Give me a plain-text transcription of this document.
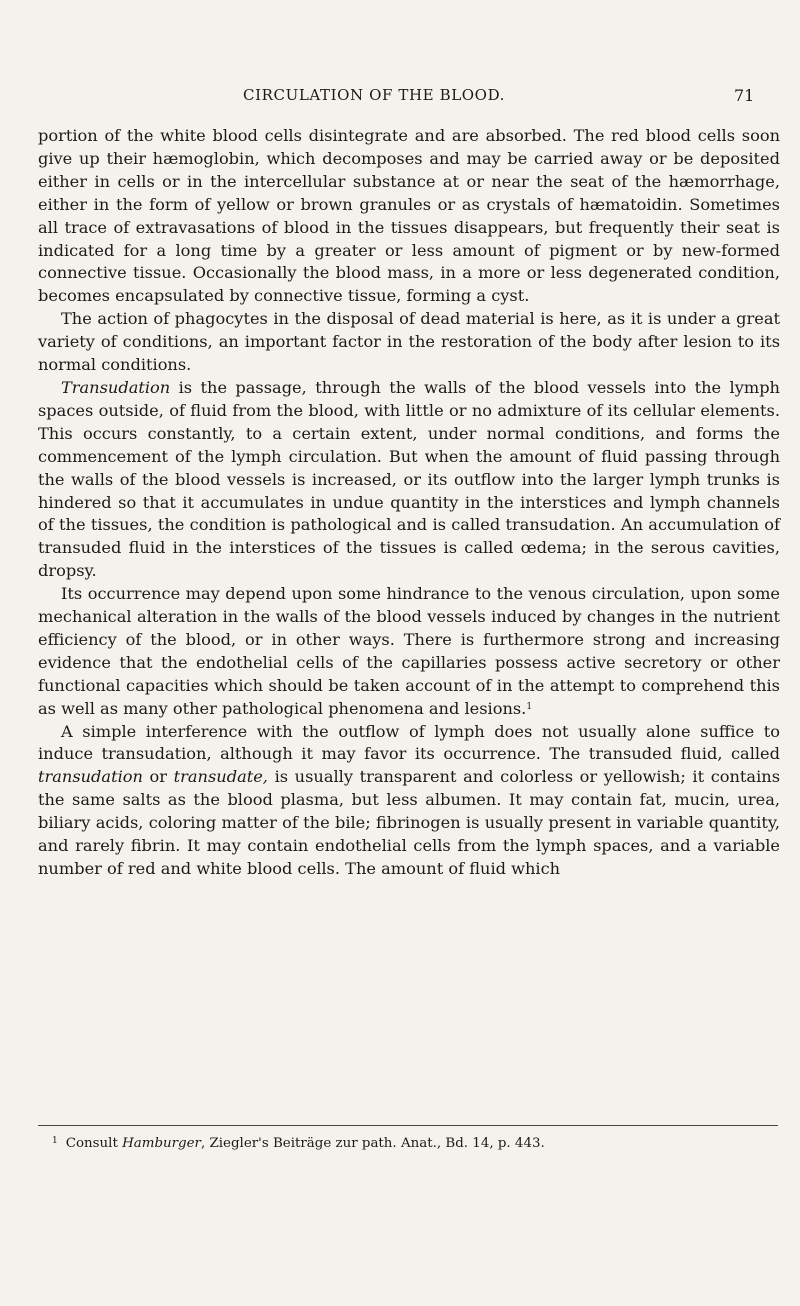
CIRCULATION OF THE BLOOD.	71

portion of the white blood cells disintegrate and are absorbed. The red blood cells soon give up their hæmoglobin, which decomposes and may be carried away or be deposited either in cells or in the intercellular substance at or near the seat of the hæmorrhage, either in the form of yellow or brown granules or as crystals of hæmatoidin. Sometimes all trace of extravasations of blood in the tissues disappears, but frequently their seat is indicated for a long time by a greater or less amount of pigment or by new-formed connective tissue. Occasionally the blood mass, in a more or less degenerated condition, becomes encapsulated by connective tissue, forming a cyst.

The action of phagocytes in the disposal of dead material is here, as it is under a great variety of conditions, an important factor in the restoration of the body after lesion to its normal conditions.

Transudation is the passage, through the walls of the blood vessels into the lymph spaces outside, of fluid from the blood, with little or no admixture of its cellular elements. This occurs constantly, to a certain extent, under normal conditions, and forms the commencement of the lymph circulation. But when the amount of fluid passing through the walls of the blood vessels is increased, or its outflow into the larger lymph trunks is hindered so that it accumulates in undue quantity in the interstices and lymph channels of the tissues, the condition is pathological and is called transudation. An accumulation of transuded fluid in the interstices of the tissues is called œdema; in the serous cavities, dropsy.

Its occurrence may depend upon some hindrance to the venous circulation, upon some mechanical alteration in the walls of the blood vessels induced by changes in the nutrient efficiency of the blood, or in other ways. There is furthermore strong and increasing evidence that the endothelial cells of the capillaries possess active secretory or other functional capacities which should be taken account of in the attempt to comprehend this as well as many other pathological phenomena and lesions.$^1$

A simple interference with the outflow of lymph does not usually alone suffice to induce transudation, although it may favor its occurrence. The transuded fluid, called transudation or transudate, is usually transparent and colorless or yellowish; it contains the same salts as the blood plasma, but less albumen. It may contain fat, mucin, urea, biliary acids, coloring matter of the bile; fibrinogen is usually present in variable quantity, and rarely fibrin. It may contain endothelial cells from the lymph spaces, and a variable number of red and white blood cells. The amount of fluid which

$^1$ Consult Hamburger, Ziegler's Beiträge zur path. Anat., Bd. 14, p. 443.
